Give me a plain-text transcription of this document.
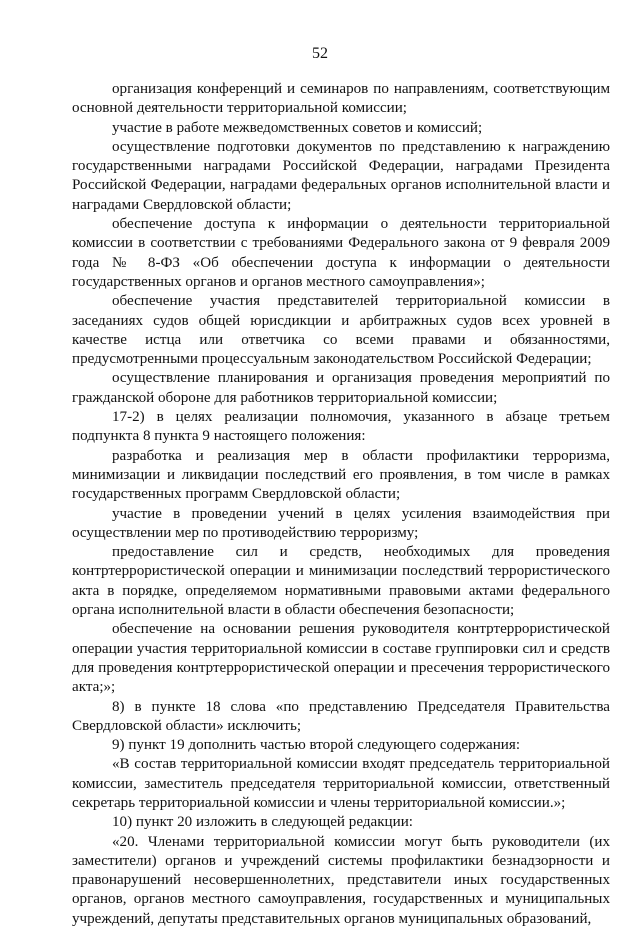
52

организация конференций и семинаров по направлениям, соответствующим основной деятельности территориальной комиссии;

участие в работе межведомственных советов и комиссий;

осуществление подготовки документов по представлению к награждению государственными наградами Российской Федерации, наградами Президента Российской Федерации, наградами федеральных органов исполнительной власти и наградами Свердловской области;

обеспечение доступа к информации о деятельности территориальной комиссии в соответствии с требованиями Федерального закона от 9 февраля 2009 года № 8-ФЗ «Об обеспечении доступа к информации о деятельности государственных органов и органов местного самоуправления»;

обеспечение участия представителей территориальной комиссии в заседаниях судов общей юрисдикции и арбитражных судов всех уровней в качестве истца или ответчика со всеми правами и обязанностями, предусмотренными процессуальным законодательством Российской Федерации;

осуществление планирования и организация проведения мероприятий по гражданской обороне для работников территориальной комиссии;

17-2) в целях реализации полномочия, указанного в абзаце третьем подпункта 8 пункта 9 настоящего положения:

разработка и реализация мер в области профилактики терроризма, минимизации и ликвидации последствий его проявления, в том числе в рамках государственных программ Свердловской области;

участие в проведении учений в целях усиления взаимодействия при осуществлении мер по противодействию терроризму;

предоставление сил и средств, необходимых для проведения контртеррористической операции и минимизации последствий террористического акта в порядке, определяемом нормативными правовыми актами федерального органа исполнительной власти в области обеспечения безопасности;

обеспечение на основании решения руководителя контртеррористической операции участия территориальной комиссии в составе группировки сил и средств для проведения контртеррористической операции и пресечения террористического акта;»;

8) в пункте 18 слова «по представлению Председателя Правительства Свердловской области» исключить;

9) пункт 19 дополнить частью второй следующего содержания:

«В состав территориальной комиссии входят председатель территориальной комиссии, заместитель председателя территориальной комиссии, ответственный секретарь территориальной комиссии и члены территориальной комиссии.»;

10) пункт 20 изложить в следующей редакции:

«20. Членами территориальной комиссии могут быть руководители (их заместители) органов и учреждений системы профилактики безнадзорности и правонарушений несовершеннолетних, представители иных государственных органов, органов местного самоуправления, государственных и муниципальных учреждений, депутаты представительных органов муниципальных образований,
